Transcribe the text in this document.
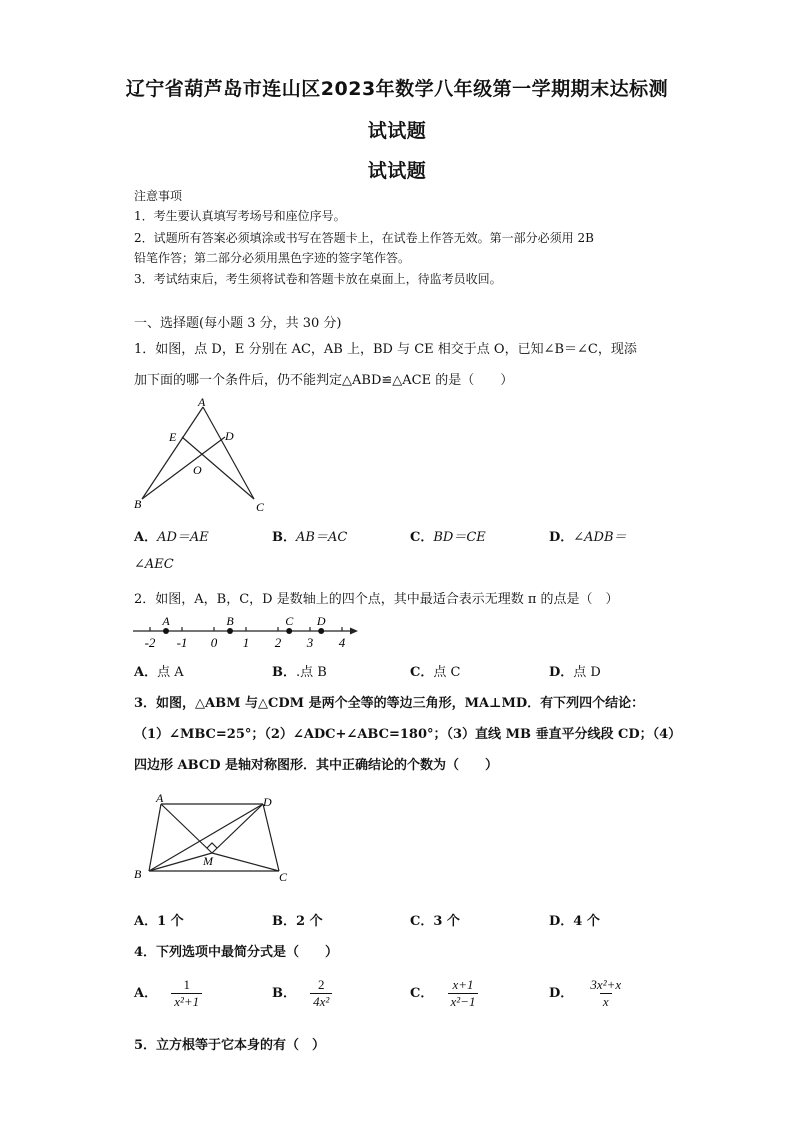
辽宁省葫芦岛市连山区2023年数学八年级第一学期期末达标测
试试题
试试题
注意事项
1．考生要认真填写考场号和座位序号。
2．试题所有答案必须填涂或书写在答题卡上，在试卷上作答无效。第一部分必须用 2B
铅笔作答；第二部分必须用黑色字迹的签字笔作答。
3．考试结束后，考生须将试卷和答题卡放在桌面上，待监考员收回。
一、选择题(每小题 3 分，共 30 分)
1．如图，点 D，E 分别在 AC，AB 上，BD 与 CE 相交于点 O，已知∠B＝∠C，现添
加下面的哪一个条件后，仍不能判定△ABD≌△ACE 的是（　　）
A
E	D
O
B	C
A．AD＝AE	B．AB＝AC	C．BD＝CE	D．∠ADB＝
∠AEC
2．如图，A，B，C，D 是数轴上的四个点，其中最适合表示无理数 π 的点是（　）
-2 -1 0 1 2 3 4
A	B	C D
A．点 A	B．.点 B	C．点 C	D．点 D
3．如图，△ABM 与△CDM 是两个全等的等边三角形，MA⊥MD．有下列四个结论：
（1）∠MBC=25°；（2）∠ADC+∠ABC=180°；（3）直线 MB 垂直平分线段 CD；（4）
四边形 ABCD 是轴对称图形．其中正确结论的个数为（　　）
A	D
M
B	C
A．1 个	B．2 个	C．3 个	D．4 个
4．下列选项中最简分式是（　　）
A． $\frac{1}{\text{x²+1}}$	B． $\frac{2}{\text{4x²}}$	C． $\frac{x+1}{\text{x²−1}}$	D． $\frac{\text{3x²+x}}{x}$
5．立方根等于它本身的有（　）
